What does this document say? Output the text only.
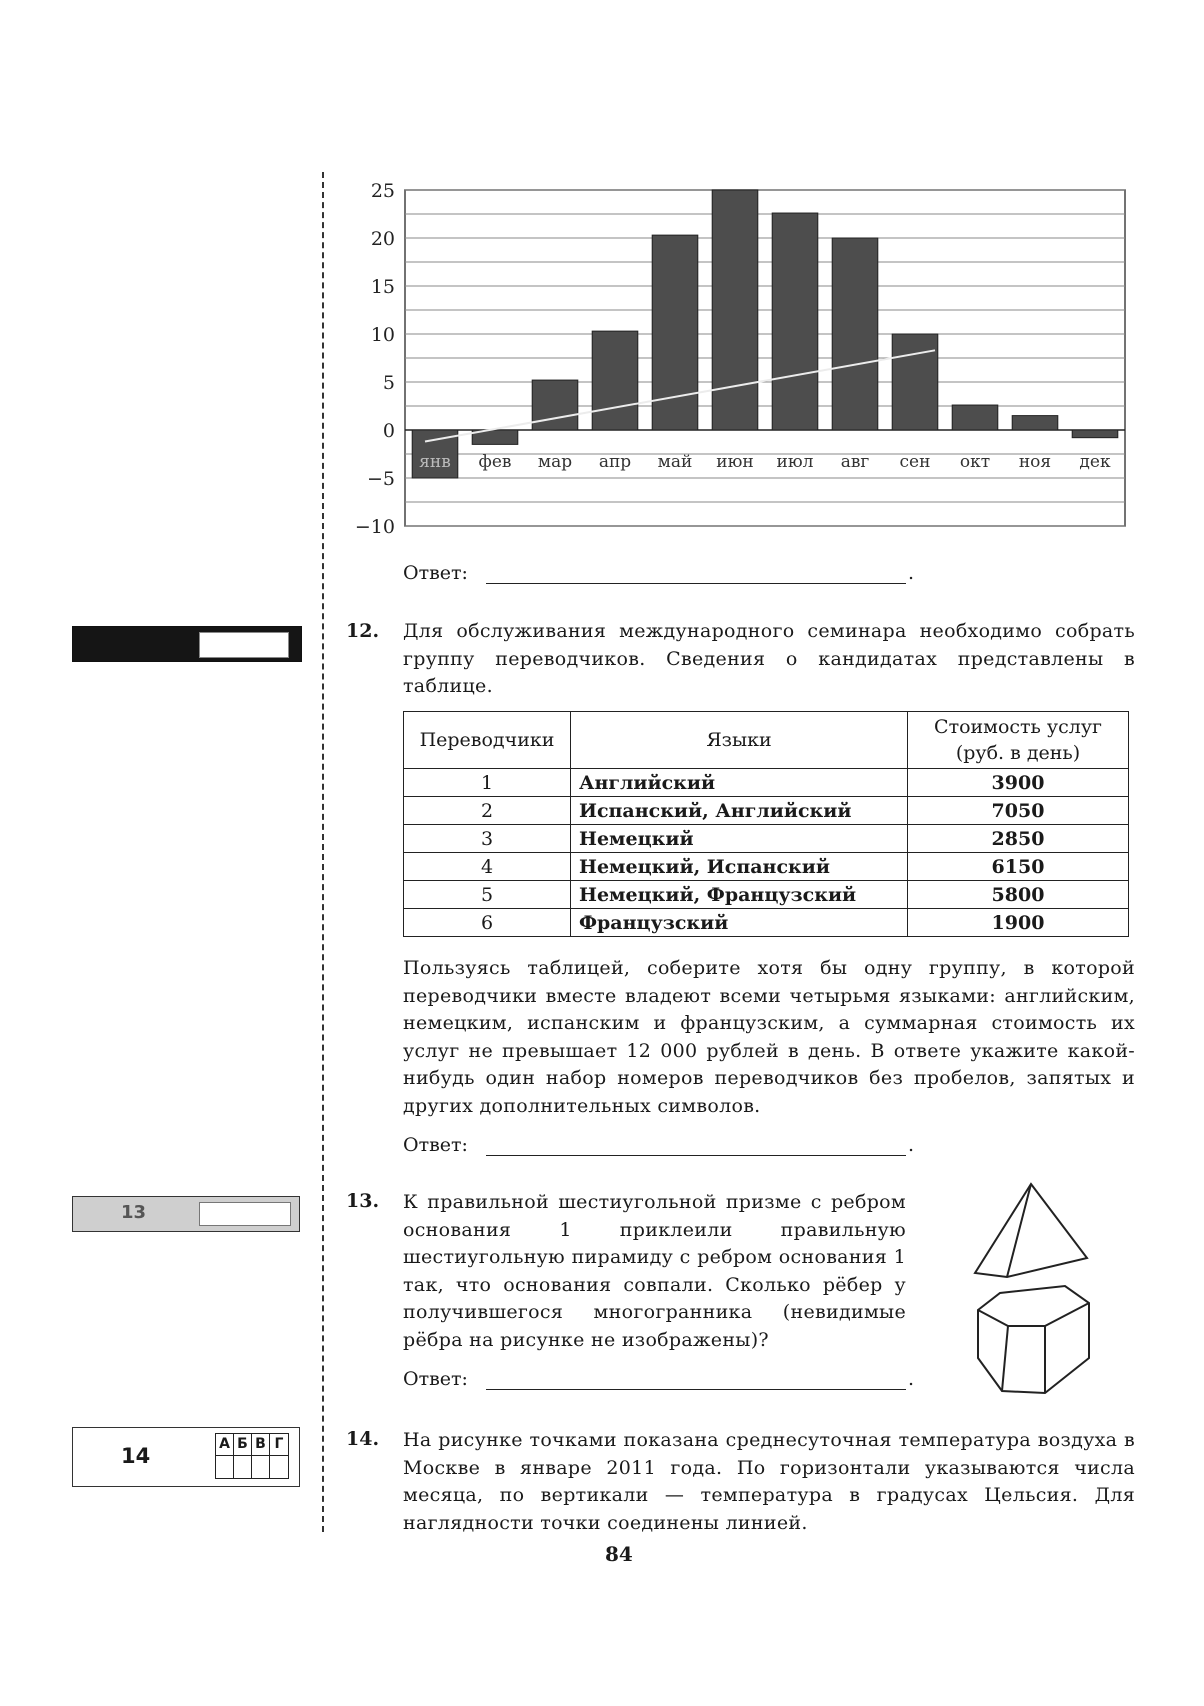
25
20
15
10
5
0
−5
−10
янв фев мар апр май июн июл авг сен окт ноя дек
Ответ:	.
12. Для обслуживания международного семинара необходимо собрать группу переводчиков. Сведения о кандидатах представлены в таблице.
Переводчики	Языки	Стоимость услуг
(руб. в день)

1	Английский	3900
2	Испанский, Английский	7050
3	Немецкий	2850
4	Немецкий, Испанский	6150
5	Немецкий, Французский	5800
6	Французский	1900
Пользуясь таблицей, соберите хотя бы одну группу, в которой переводчики вместе владеют всеми четырьмя языками: английским, немецким, испанским и французским, а суммарная стоимость их услуг не превышает 12 000 рублей в день. В ответе укажите какой-нибудь один набор номеров переводчиков без пробелов, запятых и других дополнительных символов.
Ответ:	.
13
13. К правильной шестиугольной призме с ребром основания 1 приклеили правильную шестиугольную пирамиду с ребром основания 1 так, что основания совпали. Сколько рёбер у получившегося многогранника (невидимые рёбра на рисунке не изображены)?
Ответ:	.
14	А Б В Г	14. На рисунке точками показана среднесуточная температура воздуха в Москве в январе 2011 года. По горизонтали указываются числа месяца, по вертикали — температура в градусах Цельсия. Для наглядности точки соединены линией.
84
